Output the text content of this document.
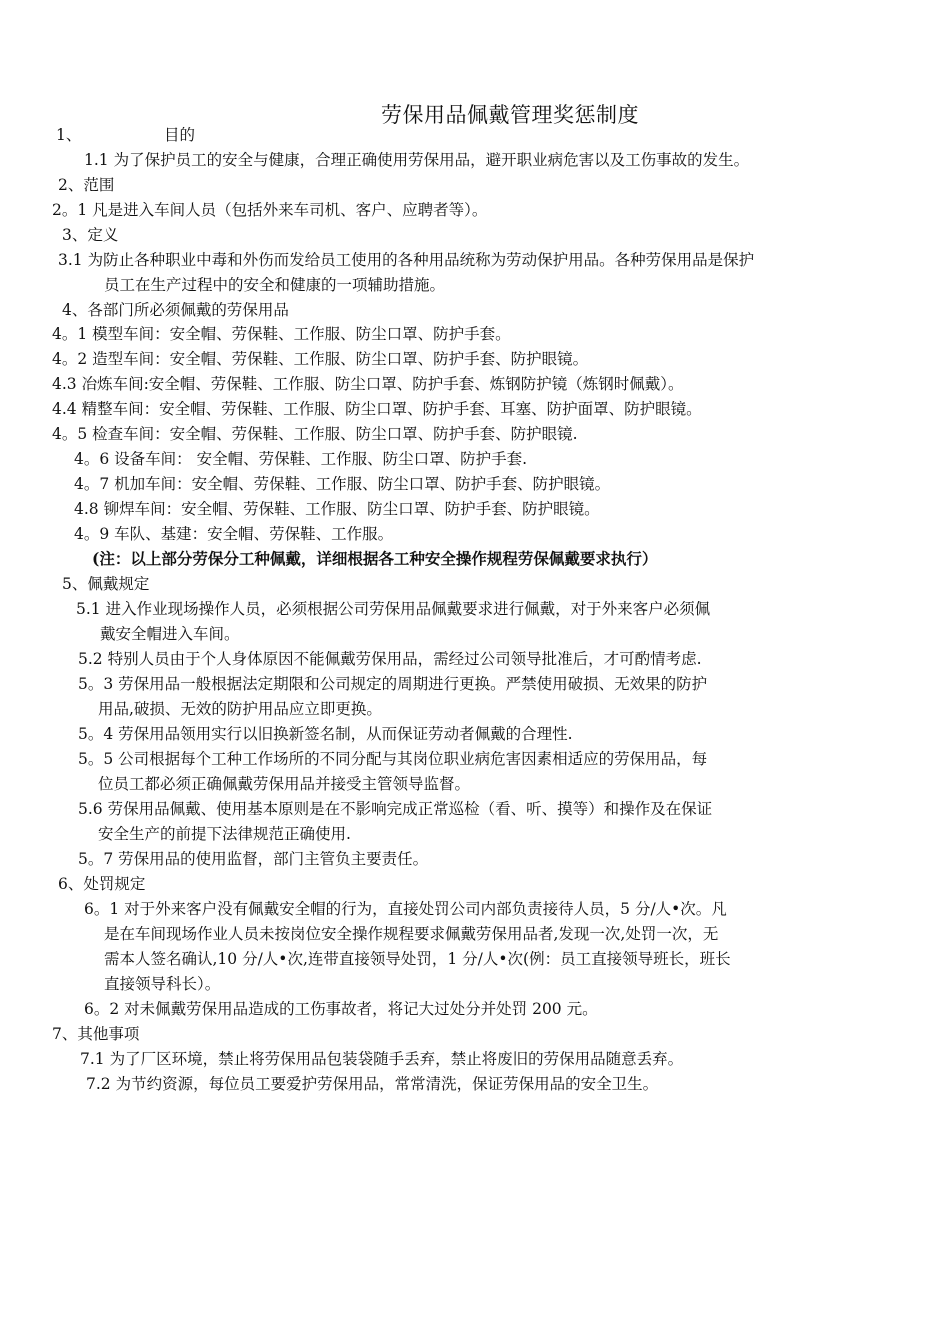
劳保用品佩戴管理奖惩制度
1、	目的
1.1 为了保护员工的安全与健康，合理正确使用劳保用品，避开职业病危害以及工伤事故的发生。
2、范围
2。1 凡是进入车间人员（包括外来车司机、客户、应聘者等）。
3、定义
3.1 为防止各种职业中毒和外伤而发给员工使用的各种用品统称为劳动保护用品。各种劳保用品是保护
员工在生产过程中的安全和健康的一项辅助措施。
4、各部门所必须佩戴的劳保用品
4。1 模型车间：安全帽、劳保鞋、工作服、防尘口罩、防护手套。
4。2 造型车间：安全帽、劳保鞋、工作服、防尘口罩、防护手套、防护眼镜。
4.3 冶炼车间:安全帽、劳保鞋、工作服、防尘口罩、防护手套、炼钢防护镜（炼钢时佩戴）。
4.4 精整车间：安全帽、劳保鞋、工作服、防尘口罩、防护手套、耳塞、防护面罩、防护眼镜。
4。5 检查车间：安全帽、劳保鞋、工作服、防尘口罩、防护手套、防护眼镜.
4。6 设备车间： 安全帽、劳保鞋、工作服、防尘口罩、防护手套.
4。7 机加车间：安全帽、劳保鞋、工作服、防尘口罩、防护手套、防护眼镜。
4.8 铆焊车间：安全帽、劳保鞋、工作服、防尘口罩、防护手套、防护眼镜。
4。9 车队、基建：安全帽、劳保鞋、工作服。
(注：以上部分劳保分工种佩戴，详细根据各工种安全操作规程劳保佩戴要求执行）
5、佩戴规定
5.1 进入作业现场操作人员，必须根据公司劳保用品佩戴要求进行佩戴，对于外来客户必须佩
戴安全帽进入车间。
5.2 特别人员由于个人身体原因不能佩戴劳保用品，需经过公司领导批准后，才可酌情考虑.
5。3 劳保用品一般根据法定期限和公司规定的周期进行更换。严禁使用破损、无效果的防护
用品,破损、无效的防护用品应立即更换。
5。4 劳保用品领用实行以旧换新签名制，从而保证劳动者佩戴的合理性.
5。5 公司根据每个工种工作场所的不同分配与其岗位职业病危害因素相适应的劳保用品，每
位员工都必须正确佩戴劳保用品并接受主管领导监督。
5.6 劳保用品佩戴、使用基本原则是在不影响完成正常巡检（看、听、摸等）和操作及在保证
安全生产的前提下法律规范正确使用.
5。7 劳保用品的使用监督，部门主管负主要责任。
6、处罚规定
6。1 对于外来客户没有佩戴安全帽的行为，直接处罚公司内部负责接待人员，5 分/人•次。凡
是在车间现场作业人员未按岗位安全操作规程要求佩戴劳保用品者,发现一次,处罚一次，无
需本人签名确认,10 分/人•次,连带直接领导处罚，1 分/人•次(例：员工直接领导班长，班长
直接领导科长）。
6。2 对未佩戴劳保用品造成的工伤事故者，将记大过处分并处罚 200 元。
7、其他事项
7.1 为了厂区环境，禁止将劳保用品包装袋随手丢弃，禁止将废旧的劳保用品随意丢弃。
7.2 为节约资源，每位员工要爱护劳保用品，常常清洗，保证劳保用品的安全卫生。
